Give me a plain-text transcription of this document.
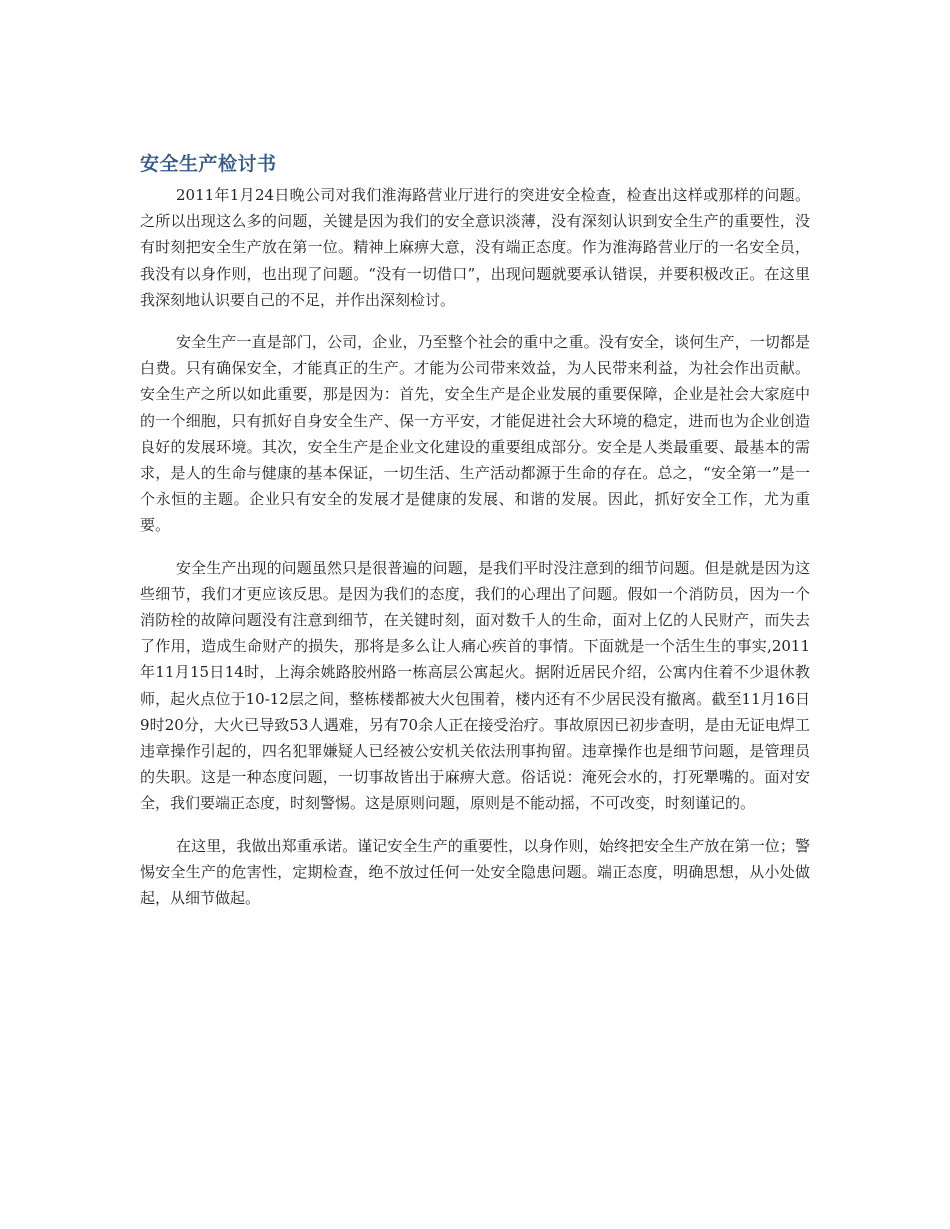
安全生产检讨书

2011年1月24日晚公司对我们淮海路营业厅进行的突进安全检查，检查出这样或那样的问题。之所以出现这么多的问题，关键是因为我们的安全意识淡薄，没有深刻认识到安全生产的重要性，没有时刻把安全生产放在第一位。精神上麻痹大意，没有端正态度。作为淮海路营业厅的一名安全员，我没有以身作则，也出现了问题。“没有一切借口”，出现问题就要承认错误，并要积极改正。在这里我深刻地认识要自己的不足，并作出深刻检讨。

安全生产一直是部门，公司，企业，乃至整个社会的重中之重。没有安全，谈何生产，一切都是白费。只有确保安全，才能真正的生产。才能为公司带来效益，为人民带来利益，为社会作出贡献。安全生产之所以如此重要，那是因为：首先，安全生产是企业发展的重要保障，企业是社会大家庭中的一个细胞，只有抓好自身安全生产、保一方平安，才能促进社会大环境的稳定，进而也为企业创造良好的发展环境。其次，安全生产是企业文化建设的重要组成部分。安全是人类最重要、最基本的需求，是人的生命与健康的基本保证，一切生活、生产活动都源于生命的存在。总之，“安全第一”是一个永恒的主题。企业只有安全的发展才是健康的发展、和谐的发展。因此，抓好安全工作，尤为重要。

安全生产出现的问题虽然只是很普遍的问题，是我们平时没注意到的细节问题。但是就是因为这些细节，我们才更应该反思。是因为我们的态度，我们的心理出了问题。假如一个消防员，因为一个消防栓的故障问题没有注意到细节，在关键时刻，面对数千人的生命，面对上亿的人民财产，而失去了作用，造成生命财产的损失，那将是多么让人痛心疾首的事情。下面就是一个活生生的事实,2011年11月15日14时，上海余姚路胶州路一栋高层公寓起火。据附近居民介绍，公寓内住着不少退休教师，起火点位于10-12层之间，整栋楼都被大火包围着，楼内还有不少居民没有撤离。截至11月16日9时20分，大火已导致53人遇难，另有70余人正在接受治疗。事故原因已初步查明，是由无证电焊工违章操作引起的，四名犯罪嫌疑人已经被公安机关依法刑事拘留。违章操作也是细节问题，是管理员的失职。这是一种态度问题，一切事故皆出于麻痹大意。俗话说：淹死会水的，打死犟嘴的。面对安全，我们要端正态度，时刻警惕。这是原则问题，原则是不能动摇，不可改变，时刻谨记的。

在这里，我做出郑重承诺。谨记安全生产的重要性，以身作则，始终把安全生产放在第一位；警惕安全生产的危害性，定期检查，绝不放过任何一处安全隐患问题。端正态度，明确思想，从小处做起，从细节做起。
